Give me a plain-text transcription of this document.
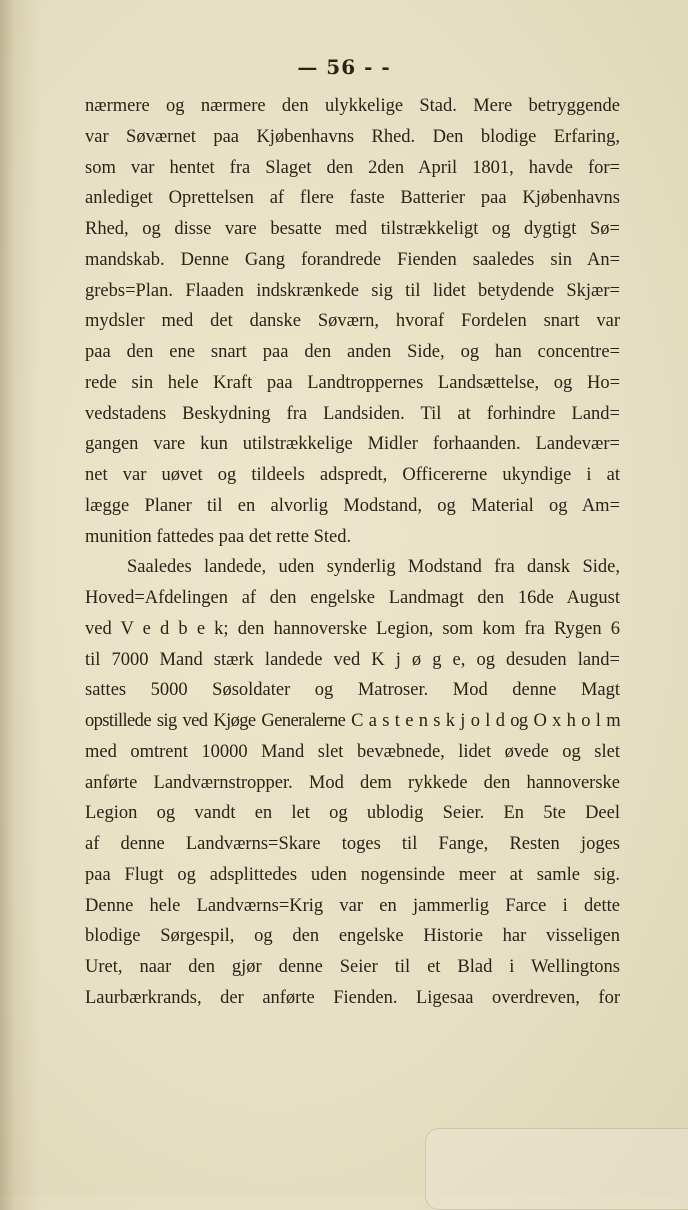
— 56 - -
nærmere og nærmere den ulykkelige Stad. Mere betryggende
var Søværnet paa Kjøbenhavns Rhed. Den blodige Erfaring,
som var hentet fra Slaget den 2den April 1801, havde for=
anlediget Oprettelsen af flere faste Batterier paa Kjøbenhavns
Rhed, og disse vare besatte med tilstrækkeligt og dygtigt Sø=
mandskab. Denne Gang forandrede Fienden saaledes sin An=
grebs=Plan. Flaaden indskrænkede sig til lidet betydende Skjær=
mydsler med det danske Søværn, hvoraf Fordelen snart var
paa den ene snart paa den anden Side, og han concentre=
rede sin hele Kraft paa Landtroppernes Landsættelse, og Ho=
vedstadens Beskydning fra Landsiden. Til at forhindre Land=
gangen vare kun utilstrækkelige Midler forhaanden. Landevær=
net var uøvet og tildeels adspredt, Officererne ukyndige i at
lægge Planer til en alvorlig Modstand, og Material og Am=
munition fattedes paa det rette Sted.
Saaledes landede, uden synderlig Modstand fra dansk Side,
Hoved=Afdelingen af den engelske Landmagt den 16de August
ved V e d b e k; den hannoverske Legion, som kom fra Rygen 6
til 7000 Mand stærk landede ved K j ø g e, og desuden land=
sattes 5000 Søsoldater og Matroser. Mod denne Magt
opstillede sig ved Kjøge Generalerne C a s t e n s k j o l d og O x h o l m
med omtrent 10000 Mand slet bevæbnede, lidet øvede og slet
anførte Landværnstropper. Mod dem rykkede den hannoverske
Legion og vandt en let og ublodig Seier. En 5te Deel
af denne Landværns=Skare toges til Fange, Resten joges
paa Flugt og adsplittedes uden nogensinde meer at samle sig.
Denne hele Landværns=Krig var en jammerlig Farce i dette
blodige Sørgespil, og den engelske Historie har visseligen
Uret, naar den gjør denne Seier til et Blad i Wellingtons
Laurbærkrands, der anførte Fienden. Ligesaa overdreven, for
